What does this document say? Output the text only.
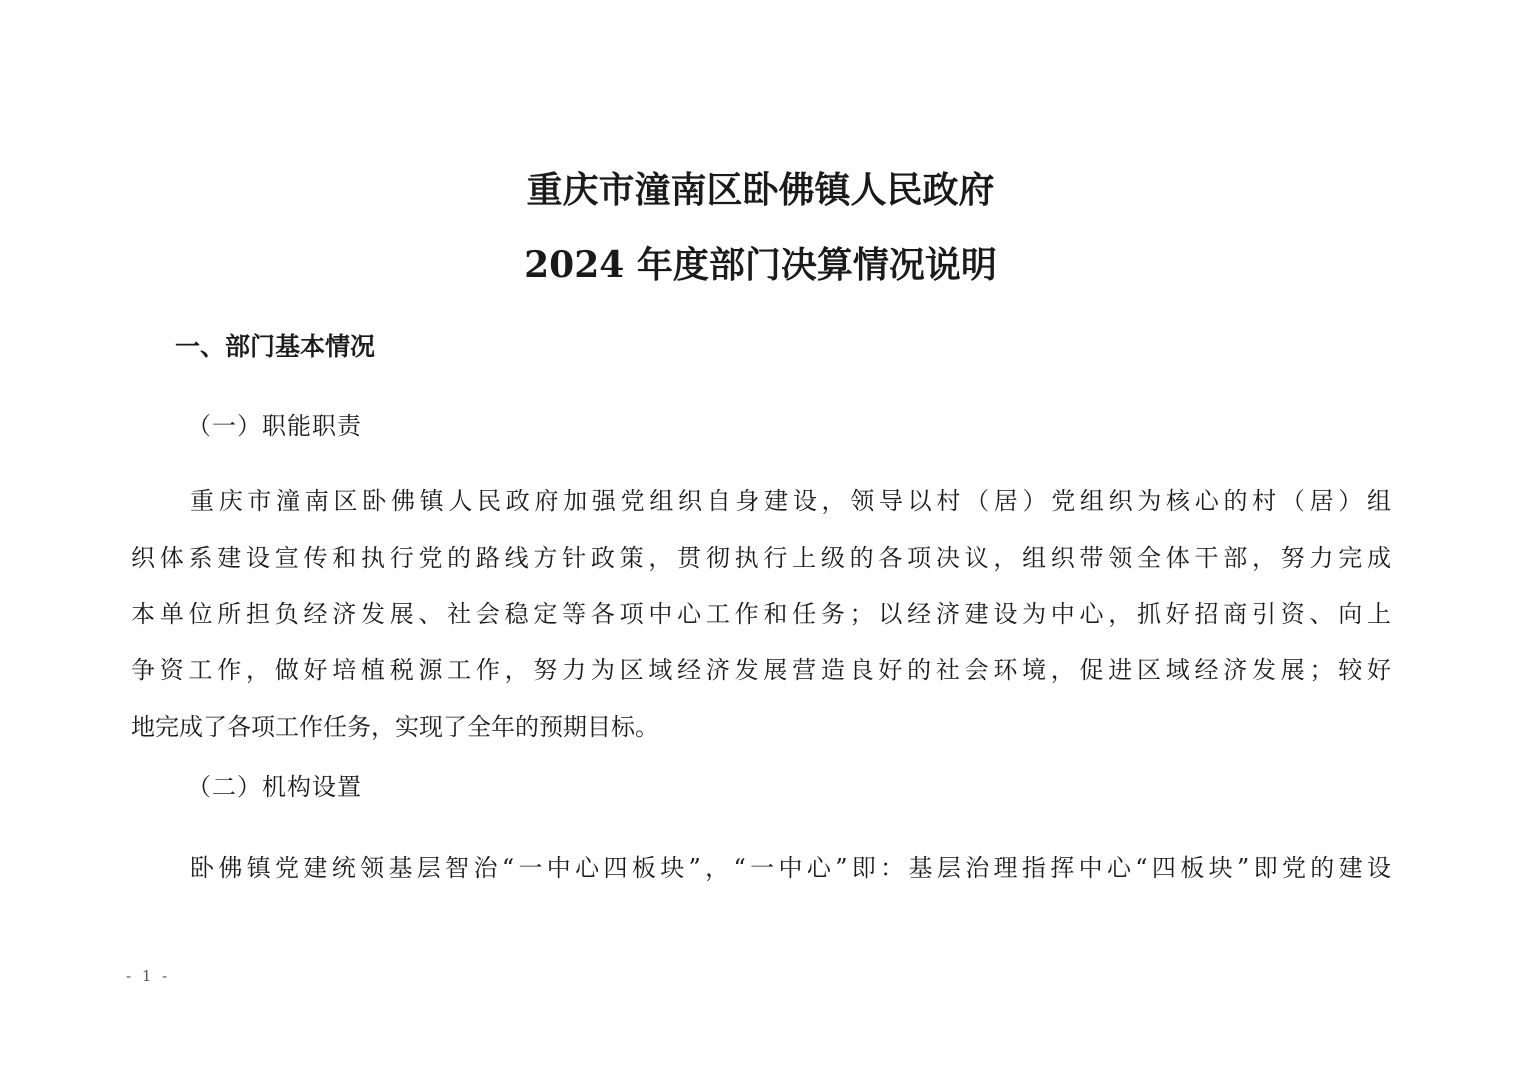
重庆市潼南区卧佛镇人民政府
2024 年度部门决算情况说明
一、部门基本情况
（一）职能职责
重庆市潼南区卧佛镇人民政府加强党组织自身建设，领导以村（居）党组织为核心的村（居）组
织体系建设宣传和执行党的路线方针政策，贯彻执行上级的各项决议，组织带领全体干部，努力完成
本单位所担负经济发展、社会稳定等各项中心工作和任务；以经济建设为中心，抓好招商引资、向上
争资工作，做好培植税源工作，努力为区域经济发展营造良好的社会环境，促进区域经济发展；较好
地完成了各项工作任务，实现了全年的预期目标。
（二）机构设置
卧佛镇党建统领基层智治“一中心四板块”，“一中心”即：基层治理指挥中心“四板块”即党的建设
- 1 -
